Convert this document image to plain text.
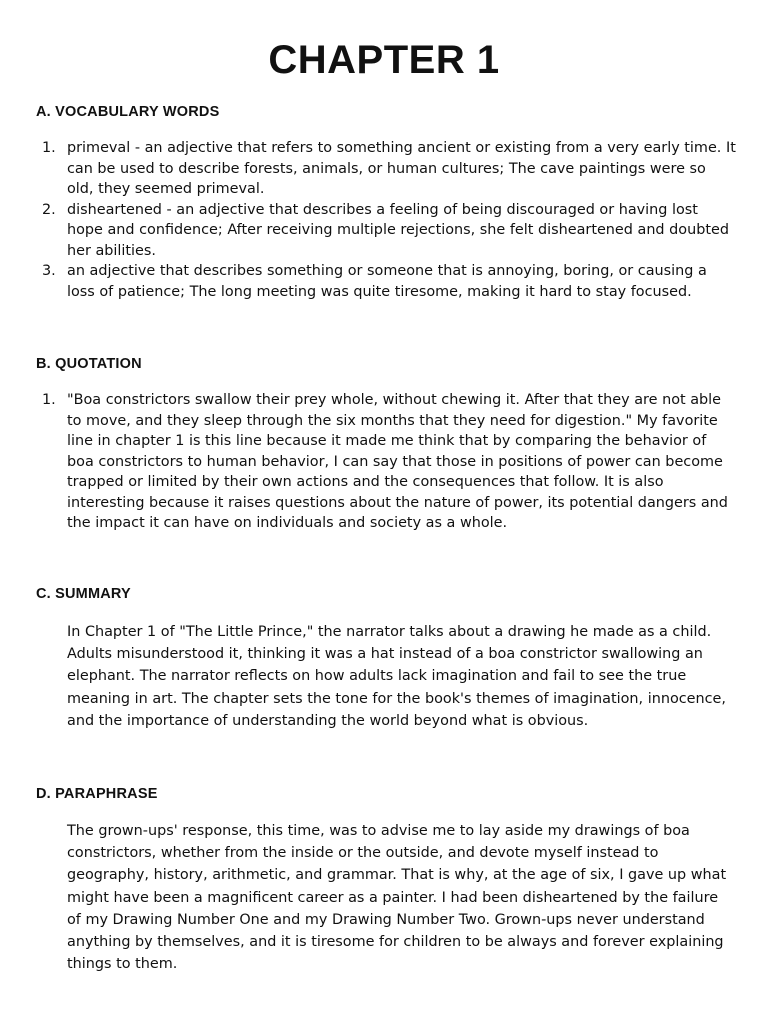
CHAPTER 1
A. VOCABULARY WORDS
1. primeval - an adjective that refers to something ancient or existing from a very early time. It can be used to describe forests, animals, or human cultures; The cave paintings were so old, they seemed primeval.
2. disheartened - an adjective that describes a feeling of being discouraged or having lost hope and confidence; After receiving multiple rejections, she felt disheartened and doubted her abilities.
3. an adjective that describes something or someone that is annoying, boring, or causing a loss of patience; The long meeting was quite tiresome, making it hard to stay focused.
B. QUOTATION
1. "Boa constrictors swallow their prey whole, without chewing it. After that they are not able to move, and they sleep through the six months that they need for digestion." My favorite line in chapter 1 is this line because it made me think that by comparing the behavior of boa constrictors to human behavior, I can say that those in positions of power can become trapped or limited by their own actions and the consequences that follow. It is also interesting because it raises questions about the nature of power, its potential dangers and the impact it can have on individuals and society as a whole.
C. SUMMARY

In Chapter 1 of "The Little Prince," the narrator talks about a drawing he made as a child. Adults misunderstood it, thinking it was a hat instead of a boa constrictor swallowing an elephant. The narrator reflects on how adults lack imagination and fail to see the true meaning in art. The chapter sets the tone for the book's themes of imagination, innocence, and the importance of understanding the world beyond what is obvious.

D. PARAPHRASE

The grown-ups' response, this time, was to advise me to lay aside my drawings of boa constrictors, whether from the inside or the outside, and devote myself instead to geography, history, arithmetic, and grammar. That is why, at the age of six, I gave up what might have been a magnificent career as a painter. I had been disheartened by the failure of my Drawing Number One and my Drawing Number Two. Grown-ups never understand anything by themselves, and it is tiresome for children to be always and forever explaining things to them.
